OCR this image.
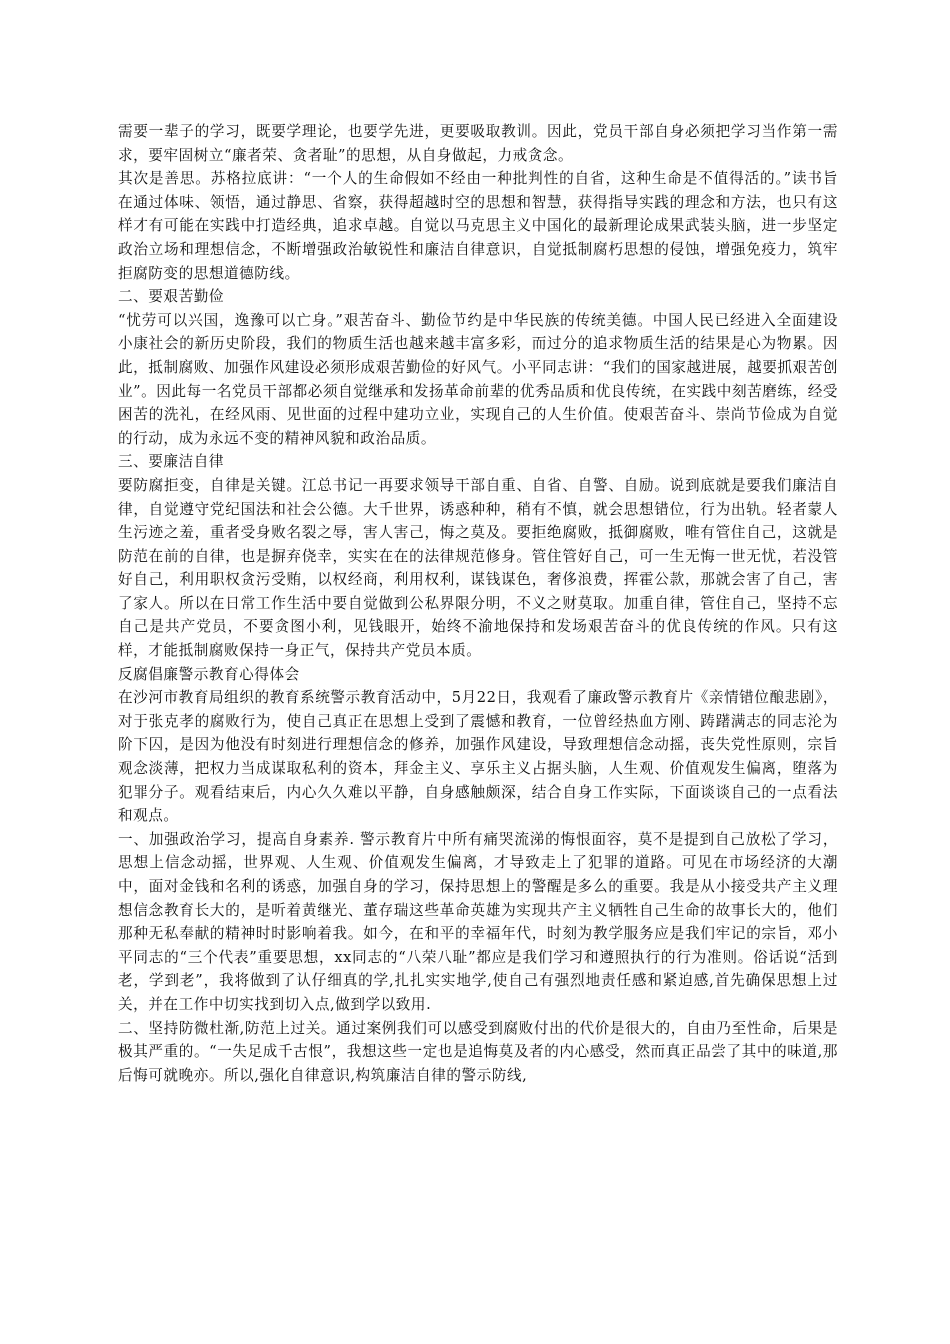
需要一辈子的学习，既要学理论，也要学先进，更要吸取教训。因此，党员干部自身必须把学习当作第一需求，要牢固树立“廉者荣、贪者耻”的思想，从自身做起，力戒贪念。

其次是善思。苏格拉底讲：“一个人的生命假如不经由一种批判性的自省，这种生命是不值得活的。”读书旨在通过体味、领悟，通过静思、省察，获得超越时空的思想和智慧，获得指导实践的理念和方法，也只有这样才有可能在实践中打造经典，追求卓越。自觉以马克思主义中国化的最新理论成果武装头脑，进一步坚定政治立场和理想信念，不断增强政治敏锐性和廉洁自律意识，自觉抵制腐朽思想的侵蚀，增强免疫力，筑牢拒腐防变的思想道德防线。

二、要艰苦勤俭

“忧劳可以兴国，逸豫可以亡身。”艰苦奋斗、勤俭节约是中华民族的传统美德。中国人民已经进入全面建设小康社会的新历史阶段，我们的物质生活也越来越丰富多彩，而过分的追求物质生活的结果是心为物累。因此，抵制腐败、加强作风建设必须形成艰苦勤俭的好风气。小平同志讲：“我们的国家越进展，越要抓艰苦创业”。因此每一名党员干部都必须自觉继承和发扬革命前辈的优秀品质和优良传统，在实践中刻苦磨练，经受困苦的洗礼，在经风雨、见世面的过程中建功立业，实现自己的人生价值。使艰苦奋斗、崇尚节俭成为自觉的行动，成为永远不变的精神风貌和政治品质。

三、要廉洁自律

要防腐拒变，自律是关键。江总书记一再要求领导干部自重、自省、自警、自励。说到底就是要我们廉洁自律，自觉遵守党纪国法和社会公德。大千世界，诱惑种种，稍有不慎，就会思想错位，行为出轨。轻者蒙人生污迹之羞，重者受身败名裂之辱，害人害己，悔之莫及。要拒绝腐败，抵御腐败，唯有管住自己，这就是防范在前的自律，也是摒弃侥幸，实实在在的法律规范修身。管住管好自己，可一生无悔一世无忧，若没管好自己，利用职权贪污受贿，以权经商，利用权利，谋钱谋色，奢侈浪费，挥霍公款，那就会害了自己，害了家人。所以在日常工作生活中要自觉做到公私界限分明，不义之财莫取。加重自律，管住自己，坚持不忘自己是共产党员，不要贪图小利，见钱眼开，始终不渝地保持和发场艰苦奋斗的优良传统的作风。只有这样，才能抵制腐败保持一身正气，保持共产党员本质。

反腐倡廉警示教育心得体会

在沙河市教育局组织的教育系统警示教育活动中，5月22日，我观看了廉政警示教育片《亲情错位酿悲剧》，对于张克孝的腐败行为，使自己真正在思想上受到了震憾和教育，一位曾经热血方刚、踌躇满志的同志沦为阶下囚，是因为他没有时刻进行理想信念的修养，加强作风建设，导致理想信念动摇，丧失党性原则，宗旨观念淡薄，把权力当成谋取私利的资本，拜金主义、享乐主义占据头脑，人生观、价值观发生偏离，堕落为犯罪分子。观看结束后，内心久久难以平静，自身感触颇深，结合自身工作实际，下面谈谈自己的一点看法和观点。

一、加强政治学习，提高自身素养. 警示教育片中所有痛哭流涕的悔恨面容，莫不是提到自己放松了学习，思想上信念动摇，世界观、人生观、价值观发生偏离，才导致走上了犯罪的道路。可见在市场经济的大潮中，面对金钱和名利的诱惑，加强自身的学习，保持思想上的警醒是多么的重要。我是从小接受共产主义理想信念教育长大的，是听着黄继光、董存瑞这些革命英雄为实现共产主义牺牲自己生命的故事长大的，他们那种无私奉献的精神时时影响着我。如今，在和平的幸福年代，时刻为教学服务应是我们牢记的宗旨，邓小平同志的“三个代表”重要思想，xx同志的“八荣八耻”都应是我们学习和遵照执行的行为准则。俗话说“活到老，学到老”，我将做到了认仔细真的学,扎扎实实地学,使自己有强烈地责任感和紧迫感,首先确保思想上过关，并在工作中切实找到切入点,做到学以致用.

二、坚持防微杜渐,防范上过关。通过案例我们可以感受到腐败付出的代价是很大的，自由乃至性命，后果是极其严重的。“一失足成千古恨”，我想这些一定也是追悔莫及者的内心感受，然而真正品尝了其中的味道,那后悔可就晚亦。所以,强化自律意识,构筑廉洁自律的警示防线,
